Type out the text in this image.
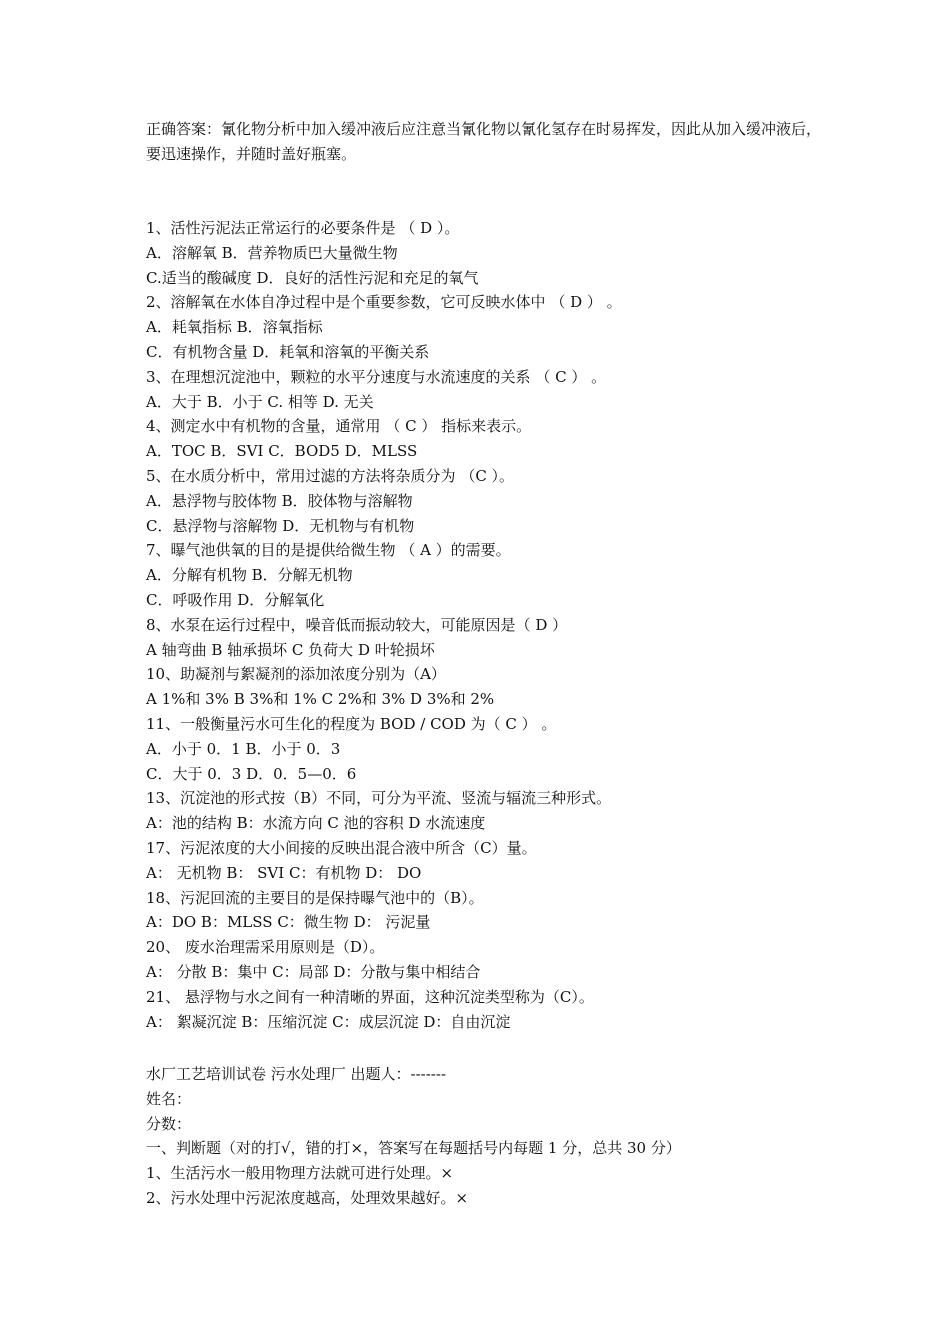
正确答案：氰化物分析中加入缓冲液后应注意当氰化物以氰化氢存在时易挥发，因此从加入缓冲液后，要迅速操作，并随时盖好瓶塞。

1、活性污泥法正常运行的必要条件是 （ D ）。
A．溶解氧 B．营养物质巴大量微生物
C.适当的酸碱度 D．良好的活性污泥和充足的氧气
2、溶解氧在水体自净过程中是个重要参数，它可反映水体中 （ D ） 。
A．耗氧指标 B．溶氧指标
C．有机物含量 D．耗氧和溶氧的平衡关系
3、在理想沉淀池中，颗粒的水平分速度与水流速度的关系 （ C ） 。
A．大于 B．小于 C. 相等 D. 无关
4、测定水中有机物的含量，通常用 （ C ） 指标来表示。
A．TOC B．SVI C．BOD5 D．MLSS
5、在水质分析中，常用过滤的方法将杂质分为 （C ）。
A．悬浮物与胶体物 B．胶体物与溶解物
C．悬浮物与溶解物 D．无机物与有机物
7、曝气池供氧的目的是提供给微生物 （ A ）的需要。
A．分解有机物 B．分解无机物
C．呼吸作用 D．分解氧化
8、水泵在运行过程中，噪音低而振动较大，可能原因是（ D ）
A 轴弯曲 B 轴承损坏 C 负荷大 D 叶轮损坏
10、助凝剂与絮凝剂的添加浓度分别为（A）
A 1%和 3% B 3%和 1% C 2%和 3% D 3%和 2%
11、一般衡量污水可生化的程度为 BOD / COD 为（ C ） 。
A．小于 0．1 B．小于 0．3
C．大于 0．3 D．0．5—0．6
13、沉淀池的形式按（B）不同，可分为平流、竖流与辐流三种形式。
A：池的结构 B：水流方向 C 池的容积 D 水流速度
17、污泥浓度的大小间接的反映出混合液中所含（C）量。
A： 无机物 B： SVI C：有机物 D： DO
18、污泥回流的主要目的是保持曝气池中的（B）。
A：DO B：MLSS C：微生物 D： 污泥量
20、 废水治理需采用原则是（D）。
A： 分散 B：集中 C：局部 D：分散与集中相结合
21、 悬浮物与水之间有一种清晰的界面，这种沉淀类型称为（C）。
A： 絮凝沉淀 B：压缩沉淀 C：成层沉淀 D：自由沉淀
水厂工艺培训试卷 污水处理厂 出题人：-------
姓名：
分数：
一、判断题（对的打√，错的打×，答案写在每题括号内每题 1 分，总共 30 分）
1、生活污水一般用物理方法就可进行处理。×
2、污水处理中污泥浓度越高，处理效果越好。×
